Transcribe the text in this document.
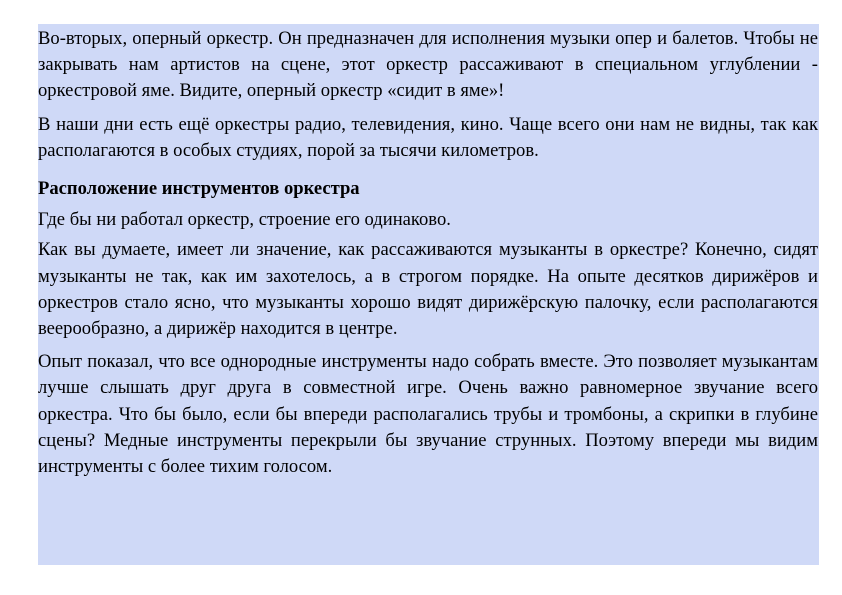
Во-вторых, оперный оркестр. Он предназначен для исполнения музыки опер и балетов. Чтобы не закрывать нам артистов на сцене, этот оркестр рассаживают в специальном углублении - оркестровой яме. Видите, оперный оркестр «сидит в яме»!

В наши дни есть ещё оркестры радио, телевидения, кино. Чаще всего они нам не видны, так как располагаются в особых студиях, порой за тысячи километров.

Расположение инструментов оркестра

Где бы ни работал оркестр, строение его одинаково.

Как вы думаете, имеет ли значение, как рассаживаются музыканты в оркестре? Конечно, сидят музыканты не так, как им захотелось, а в строгом порядке. На опыте десятков дирижёров и оркестров стало ясно, что музыканты хорошо видят дирижёрскую палочку, если располагаются веерообразно, а дирижёр находится в центре.

Опыт показал, что все однородные инструменты надо собрать вместе. Это позволяет музыкантам лучше слышать друг друга в совместной игре. Очень важно равномерное звучание всего оркестра. Что бы было, если бы впереди располагались трубы и тромбоны, а скрипки в глубине сцены? Медные инструменты перекрыли бы звучание струнных. Поэтому впереди мы видим инструменты с более тихим голосом.
